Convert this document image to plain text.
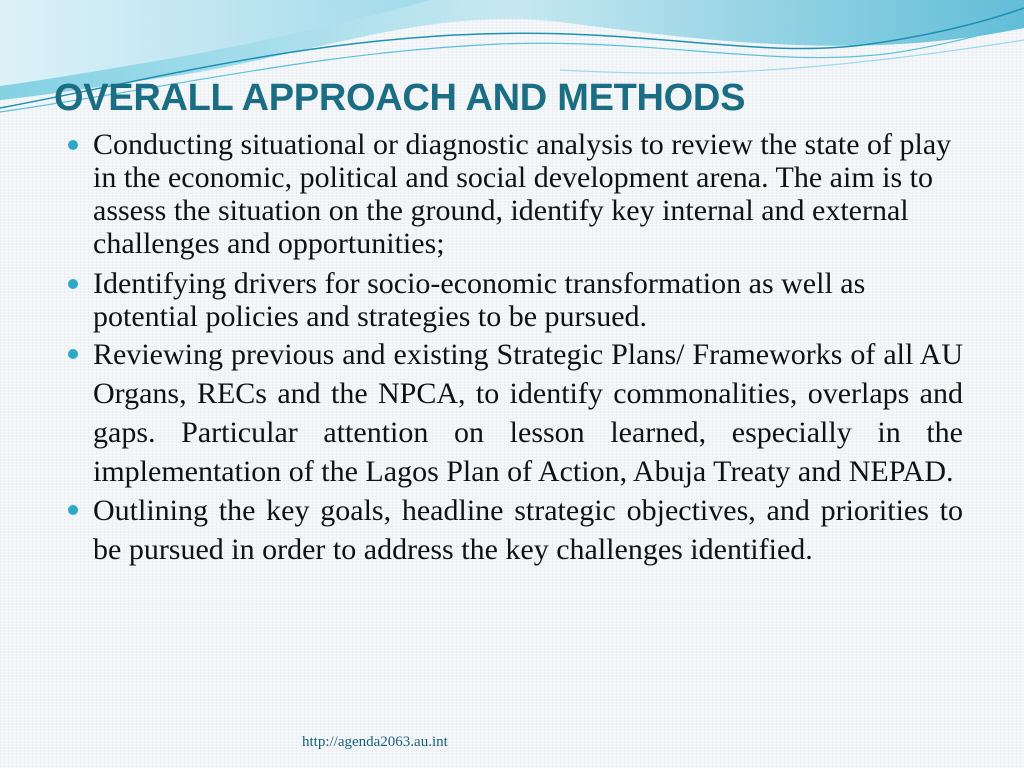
OVERALL APPROACH AND METHODS
Conducting situational or diagnostic analysis to review the state of play in the economic, political and social development arena. The aim is to assess the situation on the ground, identify key internal and external challenges and opportunities;
Identifying drivers for socio-economic transformation as well as potential policies and strategies to be pursued.
Reviewing previous and existing Strategic Plans/ Frameworks of all AU Organs, RECs and the NPCA, to identify commonalities, overlaps and gaps. Particular attention on lesson learned, especially in the implementation of the Lagos Plan of Action, Abuja Treaty and NEPAD.
Outlining the key goals, headline strategic objectives, and priorities to be pursued in order to address the key challenges identified.
http://agenda2063.au.int
